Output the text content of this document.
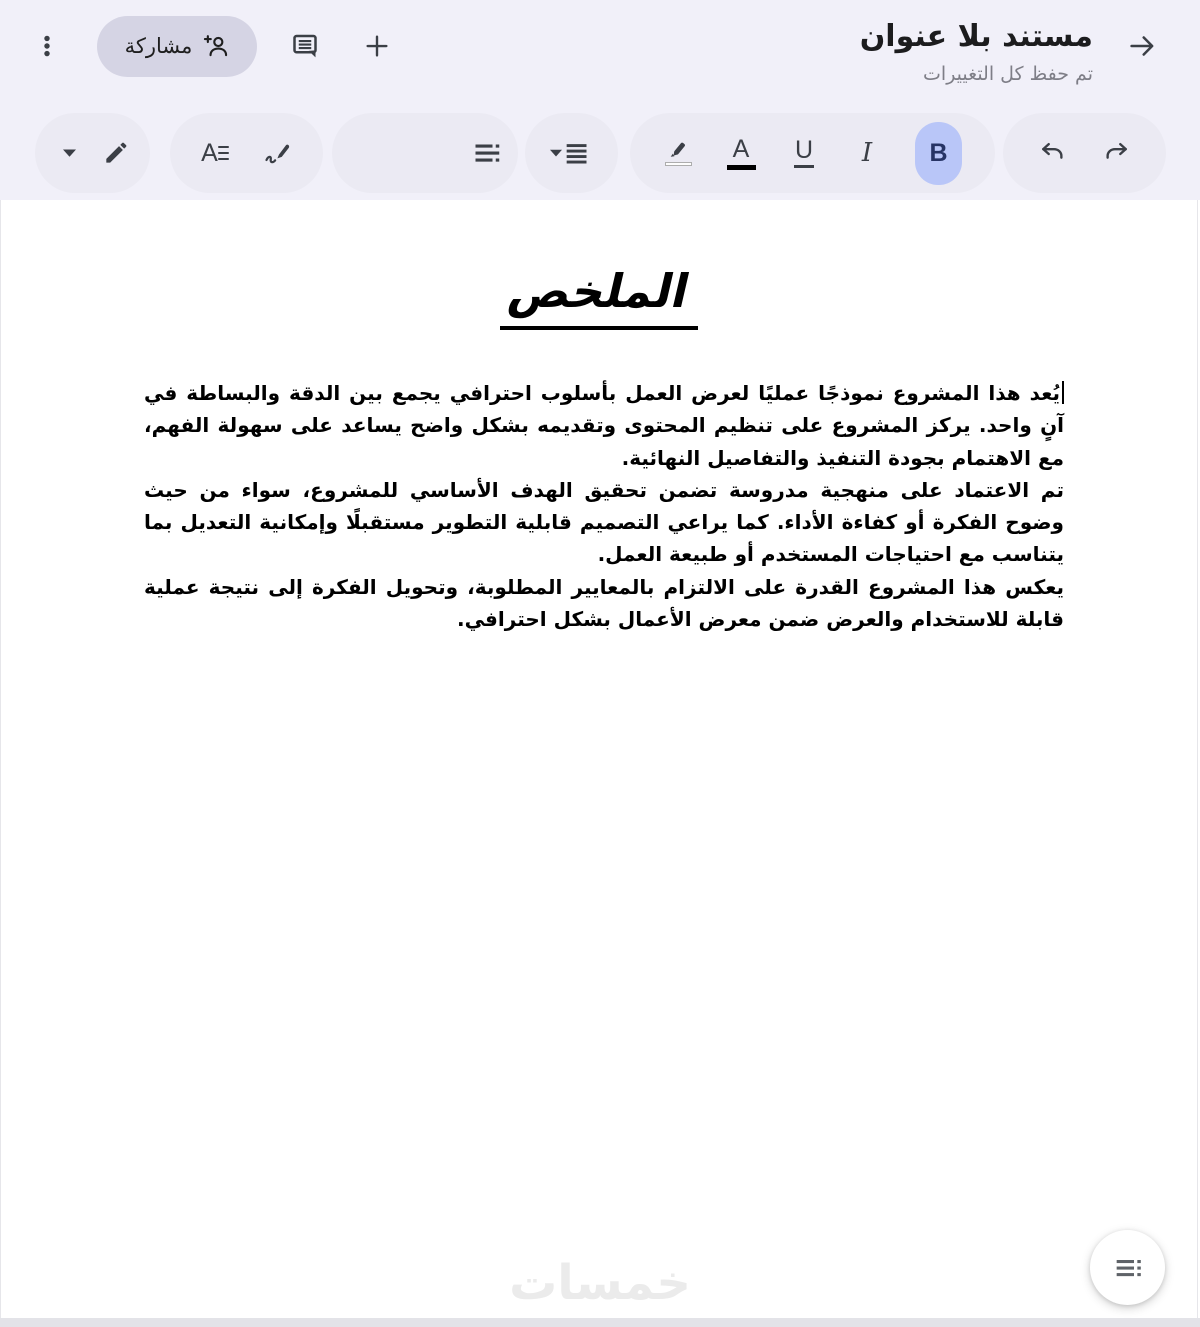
مشاركة	مستند بلا عنوان
تم حفظ كل التغييرات
A	A U I B
الملخص

يُعد هذا المشروع نموذجًا عمليًا لعرض العمل بأسلوب احترافي يجمع بين الدقة والبساطة في آنٍ واحد. يركز المشروع على تنظيم المحتوى وتقديمه بشكل واضح يساعد على سهولة الفهم، مع الاهتمام بجودة التنفيذ والتفاصيل النهائية.

تم الاعتماد على منهجية مدروسة تضمن تحقيق الهدف الأساسي للمشروع، سواء من حيث وضوح الفكرة أو كفاءة الأداء. كما يراعي التصميم قابلية التطوير مستقبلًا وإمكانية التعديل بما يتناسب مع احتياجات المستخدم أو طبيعة العمل.

يعكس هذا المشروع القدرة على الالتزام بالمعايير المطلوبة، وتحويل الفكرة إلى نتيجة عملية قابلة للاستخدام والعرض ضمن معرض الأعمال بشكل احترافي.

خمسات
